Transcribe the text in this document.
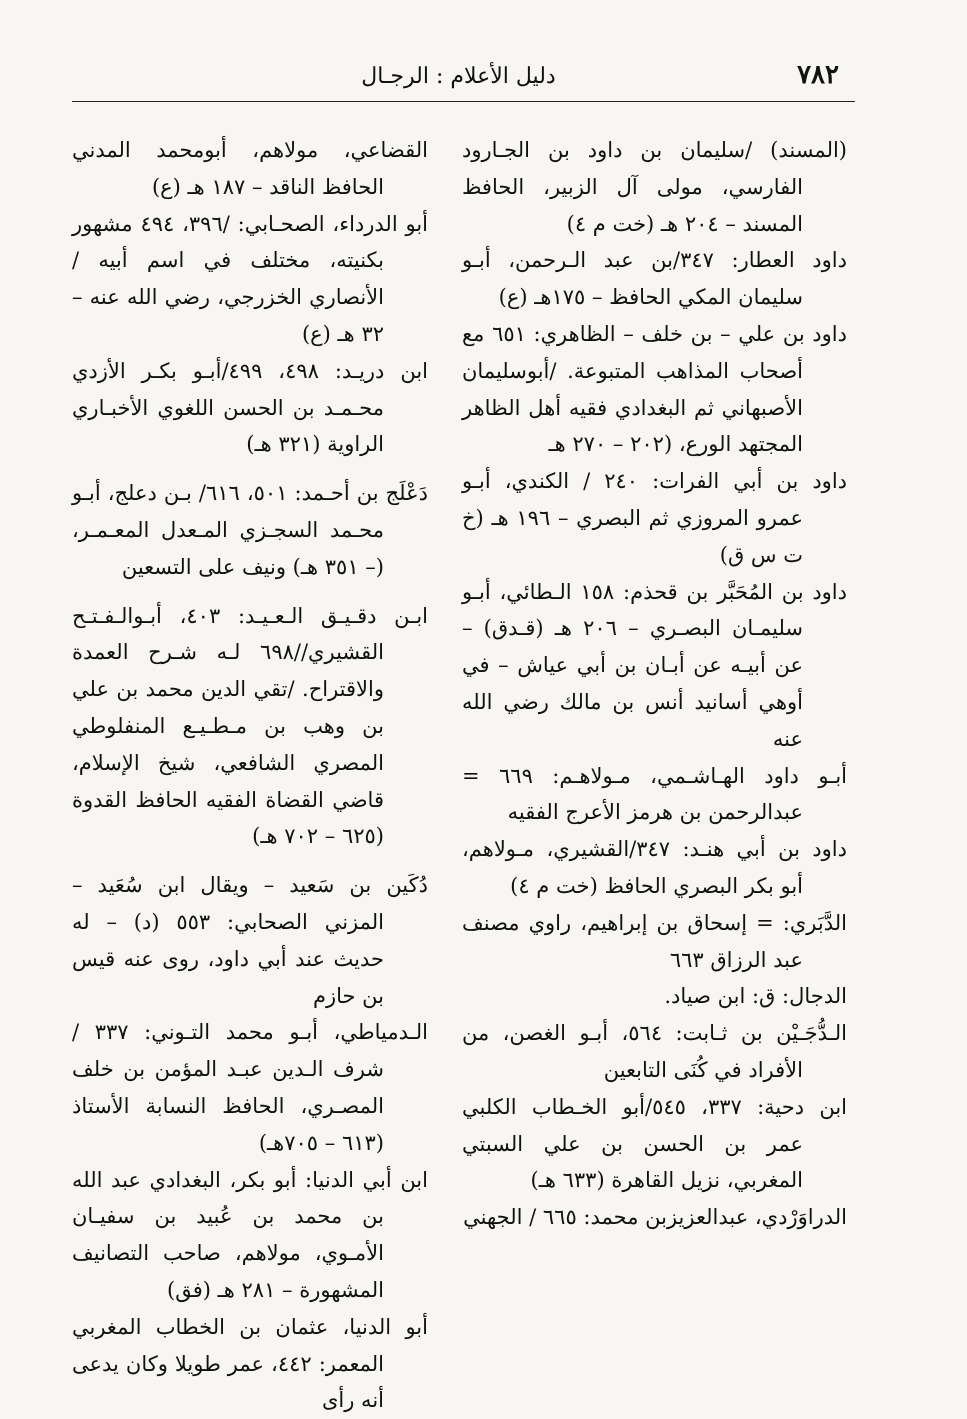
دليل الأعلام : الرجـال	٧٨٢

(المسند) /سليمان بن داود بن الجـارود الفارسي، مولى آل الزبير، الحافظ المسند – ٢٠٤ هـ (خت م ٤)

داود العطار: ٣٤٧/بن عبد الـرحمن، أبـو سليمان المكي الحافظ – ١٧٥هـ (ع)

داود بن علي – بن خلف – الظاهري: ٦٥١ مع أصحاب المذاهب المتبوعة. /أبوسليمان الأصبهاني ثم البغدادي فقيه أهل الظاهر المجتهد الورع، (٢٠٢ – ٢٧٠ هـ

داود بن أبي الفرات: ٢٤٠ / الكندي، أبـو عمرو المروزي ثم البصري – ١٩٦ هـ (خ ت س ق)

داود بن المُحَبَّر بن قحذم: ١٥٨ الـطائي، أبـو سليمـان البصـري – ٢٠٦ هـ (قـدق) – عن أبيـه عن أبـان بن أبي عياش – في أوهي أسانيد أنس بن مالك رضي الله عنه

أبـو داود الهـاشـمي، مـولاهـم: ٦٦٩ = عبدالرحمن بن هرمز الأعرج الفقيه

داود بن أبي هنـد: ٣٤٧/القشيري، مـولاهم، أبو بكر البصري الحافظ (خت م ٤)

الدَّبَري: = إسحاق بن إبراهيم، راوي مصنف عبد الرزاق ٦٦٣

الدجال: ق: ابن صياد.

الـدُّجَـيْن بن ثـابت: ٥٦٤، أبـو الغصن، من الأفراد في كُنَى التابعين

ابن دحية: ٣٣٧، ٥٤٥/أبو الخـطاب الكلبي عمر بن الحسن بن علي السبتي المغربي، نزيل القاهرة (٦٣٣ هـ)

الدراوَرْدي، عبدالعزيزبن محمد: ٦٦٥ / الجهني

القضاعي، مولاهم، أبومحمد المدني الحافظ الناقد – ١٨٧ هـ (ع)

أبو الدرداء، الصحـابي: /٣٩٦، ٤٩٤ مشهور بكنيته، مختلف في اسم أبيه /الأنصاري الخزرجي، رضي الله عنه – ٣٢ هـ (ع)

ابن دريـد: ٤٩٨، ٤٩٩/أبـو بكـر الأزدي محـمـد بن الحسن اللغوي الأخبـاري الراوية (٣٢١ هـ)

دَعْلَج بن أحـمد: ٥٠١، ٦١٦/ بـن دعلج، أبـو محـمد السجـزي المـعدل المعـمـر، (– ٣٥١ هـ) ونيف على التسعين

ابـن دقـيـق الـعـيـد: ٤٠٣، أبـوالـفـتـح القشيري//٦٩٨ لـه شـرح العمدة والاقتراح. /تقي الدين محمد بن علي بن وهب بن مـطـيـع المنفلوطي المصري الشافعي، شيخ الإسلام، قاضي القضاة الفقيه الحافظ القدوة (٦٢٥ – ٧٠٢ هـ)

دُكَين بن سَعيد – ويقال ابن سُعَيد – المزني الصحابي: ٥٥٣ (د) – له حديث عند أبي داود، روى عنه قيس بن حازم

الـدمياطي، أبـو محمد التـوني: ٣٣٧ /شرف الـدين عبـد المؤمن بن خلف المصـري، الحافظ النسابة الأستاذ (٦١٣ – ٧٠٥هـ)

ابن أبي الدنيا: أبو بكر، البغدادي عبد الله بن محمد بن عُبيد بن سفيـان الأمـوي، مولاهم، صاحب التصانيف المشهورة – ٢٨١ هـ (فق)

أبو الدنيا، عثمان بن الخطاب المغربي المعمر: ٤٤٢، عمر طويلا وكان يدعى أنه رأى
